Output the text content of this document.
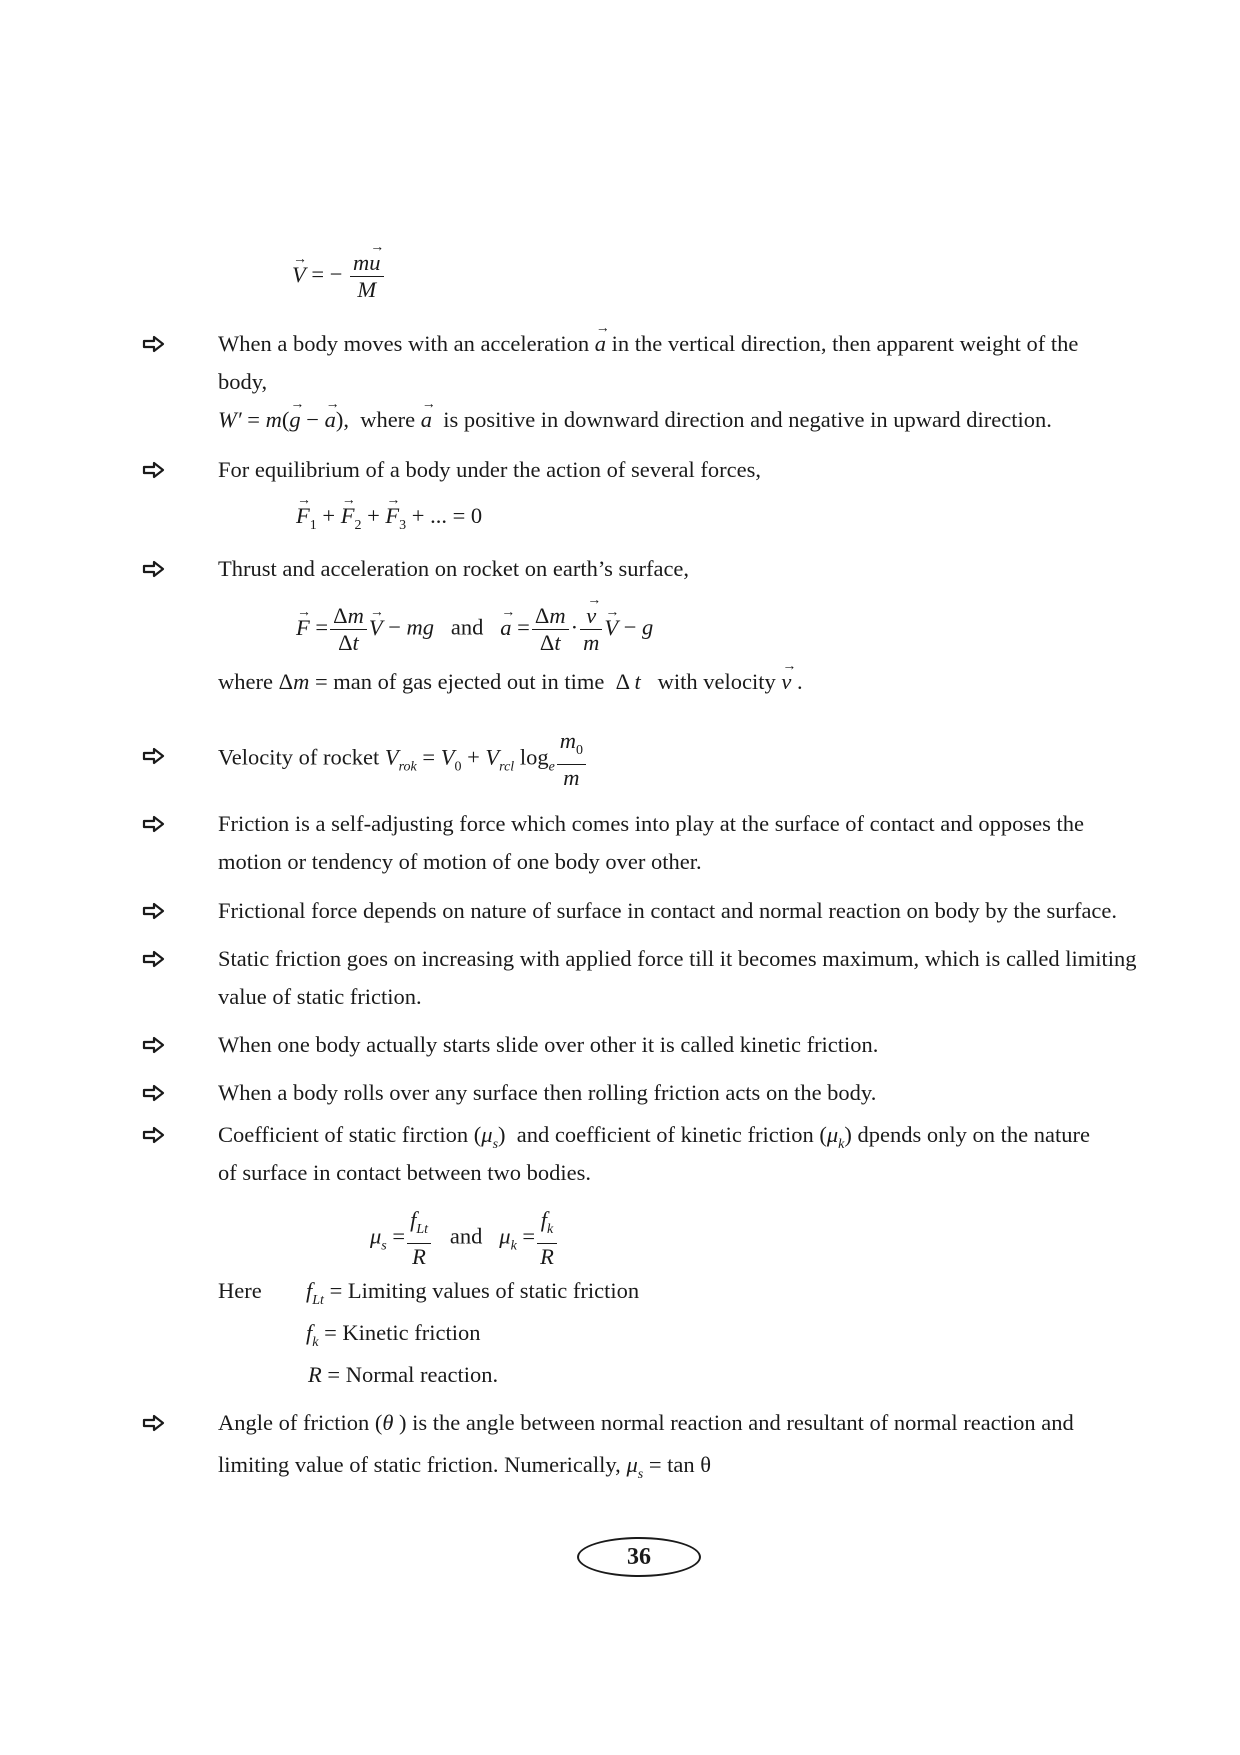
→ V = − $\frac{m\to u}{M}$
When a body moves with an acceleration → a in the vertical direction, then apparent weight of the
body,
W′ = m(→ g − → a),  where → a  is positive in downward direction and negative in upward direction.
For equilibrium of a body under the action of several forces,
→ $F_1$ + → $F_2$ + → $F_3$ + ... = 0
Thrust and acceleration on rocket on earth’s surface,
→ $F = \frac{\Delta m}{\Delta t}$
→ V − mg and   → $a = \frac{\Delta m}{\Delta t}$ ·
→ $\frac{v}{m}$
→ V − g
where Δm = man of gas ejected out in time  Δ t   with velocity → v .
Velocity of rocket $V_{rok} = V_0 + V_{rcl}$ $\log_e \frac{m_0}{m}$
Friction is a self-adjusting force which comes into play at the surface of contact and opposes the
motion or tendency of motion of one body over other.
Frictional force depends on nature of surface in contact and normal reaction on body by the surface.
Static friction goes on increasing with applied force till it becomes maximum, which is called limiting
value of static friction.
When one body actually starts slide over other it is called kinetic friction.
When a body rolls over any surface then rolling friction acts on the body.
Coefficient of static firction $(\mu_s)$  and coefficient of kinetic friction $(\mu_k)$ dpends only on the nature
of surface in contact between two bodies.
$\mu_s = \frac{f_{Lt}}{R}$ and $\mu_k = \frac{f_k}{R}$
Here $f_{Lt}$ = Limiting values of static friction
$f_k$ = Kinetic friction
R = Normal reaction.
Angle of friction (θ ) is the angle between normal reaction and resultant of normal reaction and
limiting value of static friction. Numerically, $\mu_s = \tan \theta$
36
